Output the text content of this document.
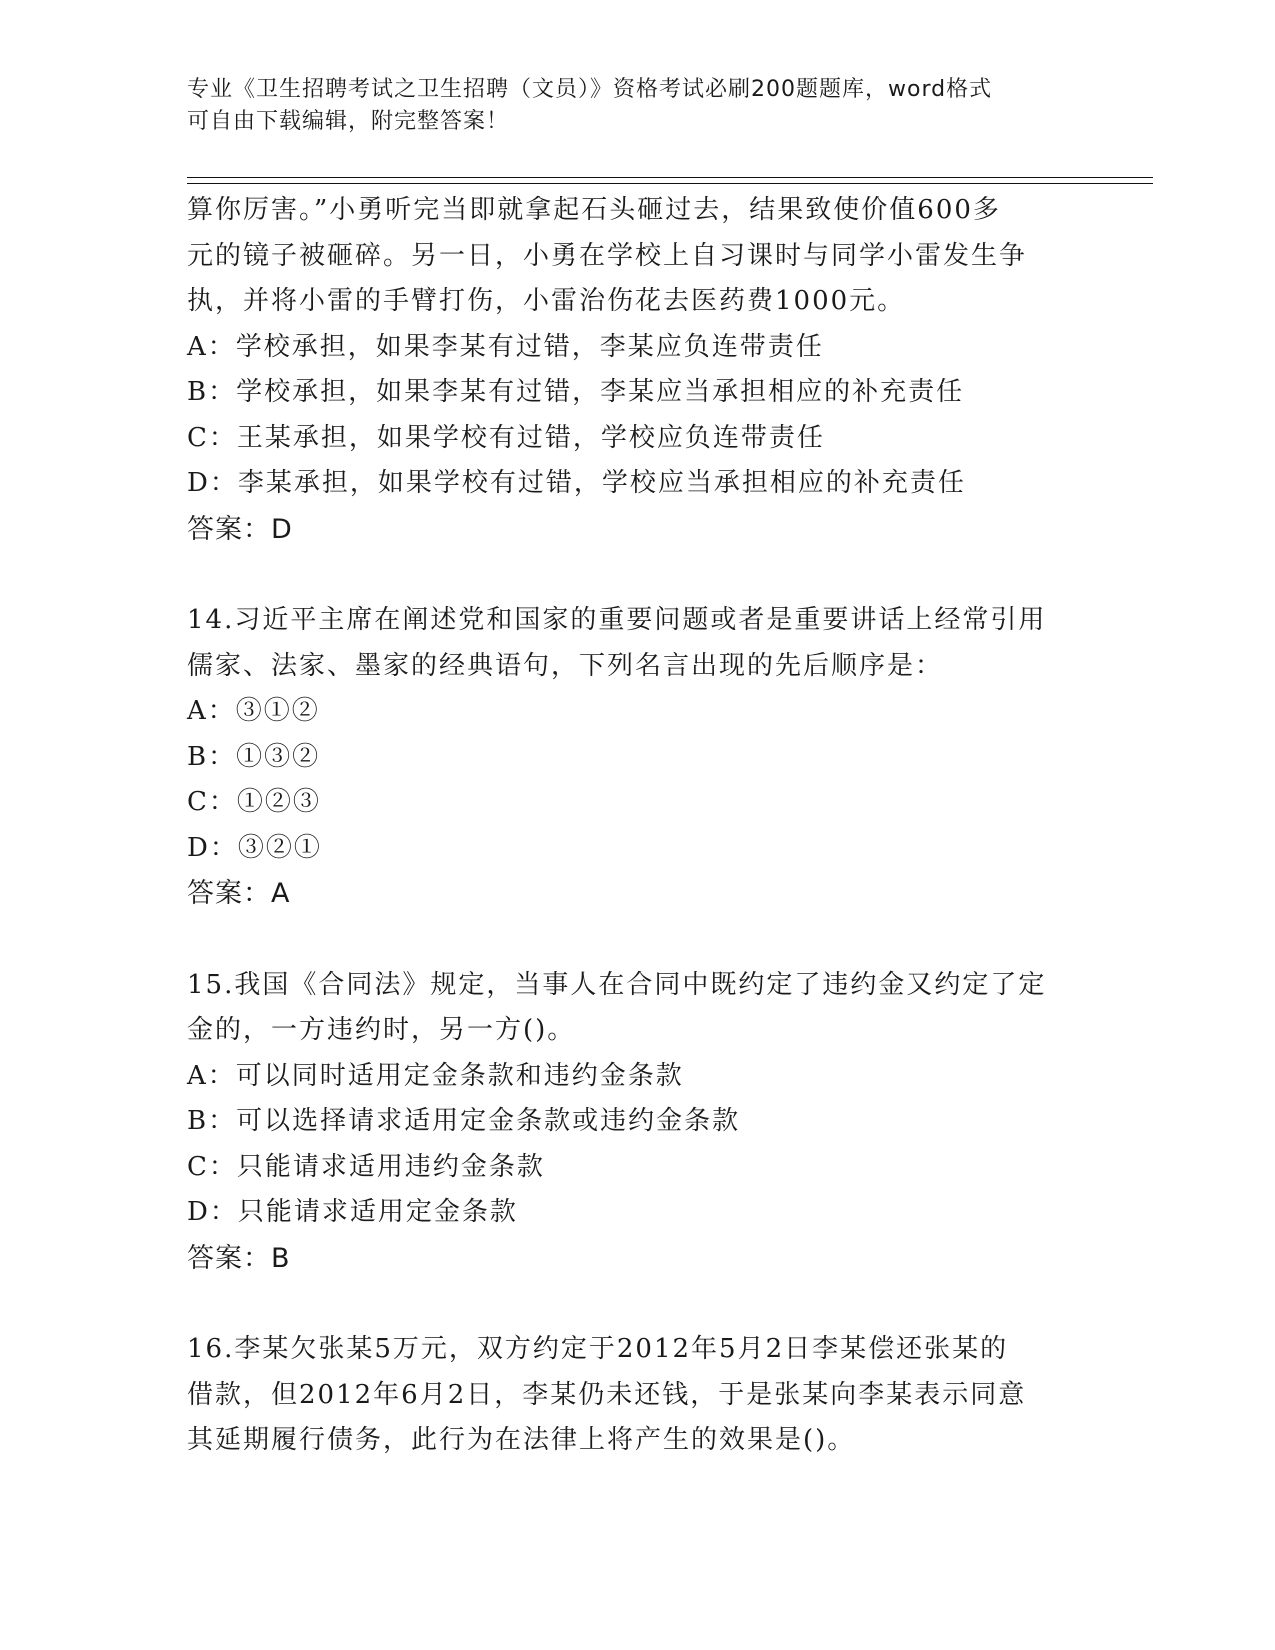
专业《卫生招聘考试之卫生招聘（文员）》资格考试必刷200题题库，word格式
可自由下载编辑，附完整答案！
算你厉害。”小勇听完当即就拿起石头砸过去，结果致使价值600多
元的镜子被砸碎。另一日，小勇在学校上自习课时与同学小雷发生争
执，并将小雷的手臂打伤，小雷治伤花去医药费1000元。
A：学校承担，如果李某有过错，李某应负连带责任
B：学校承担，如果李某有过错，李某应当承担相应的补充责任
C：王某承担，如果学校有过错，学校应负连带责任
D：李某承担，如果学校有过错，学校应当承担相应的补充责任
答案：D
14.习近平主席在阐述党和国家的重要问题或者是重要讲话上经常引用
儒家、法家、墨家的经典语句，下列名言出现的先后顺序是：
A：③①②
B：①③②
C：①②③
D：③②①
答案：A
15.我国《合同法》规定，当事人在合同中既约定了违约金又约定了定
金的，一方违约时，另一方()。
A：可以同时适用定金条款和违约金条款
B：可以选择请求适用定金条款或违约金条款
C：只能请求适用违约金条款
D：只能请求适用定金条款
答案：B
16.李某欠张某5万元，双方约定于2012年5月2日李某偿还张某的
借款，但2012年6月2日，李某仍未还钱，于是张某向李某表示同意
其延期履行债务，此行为在法律上将产生的效果是()。
